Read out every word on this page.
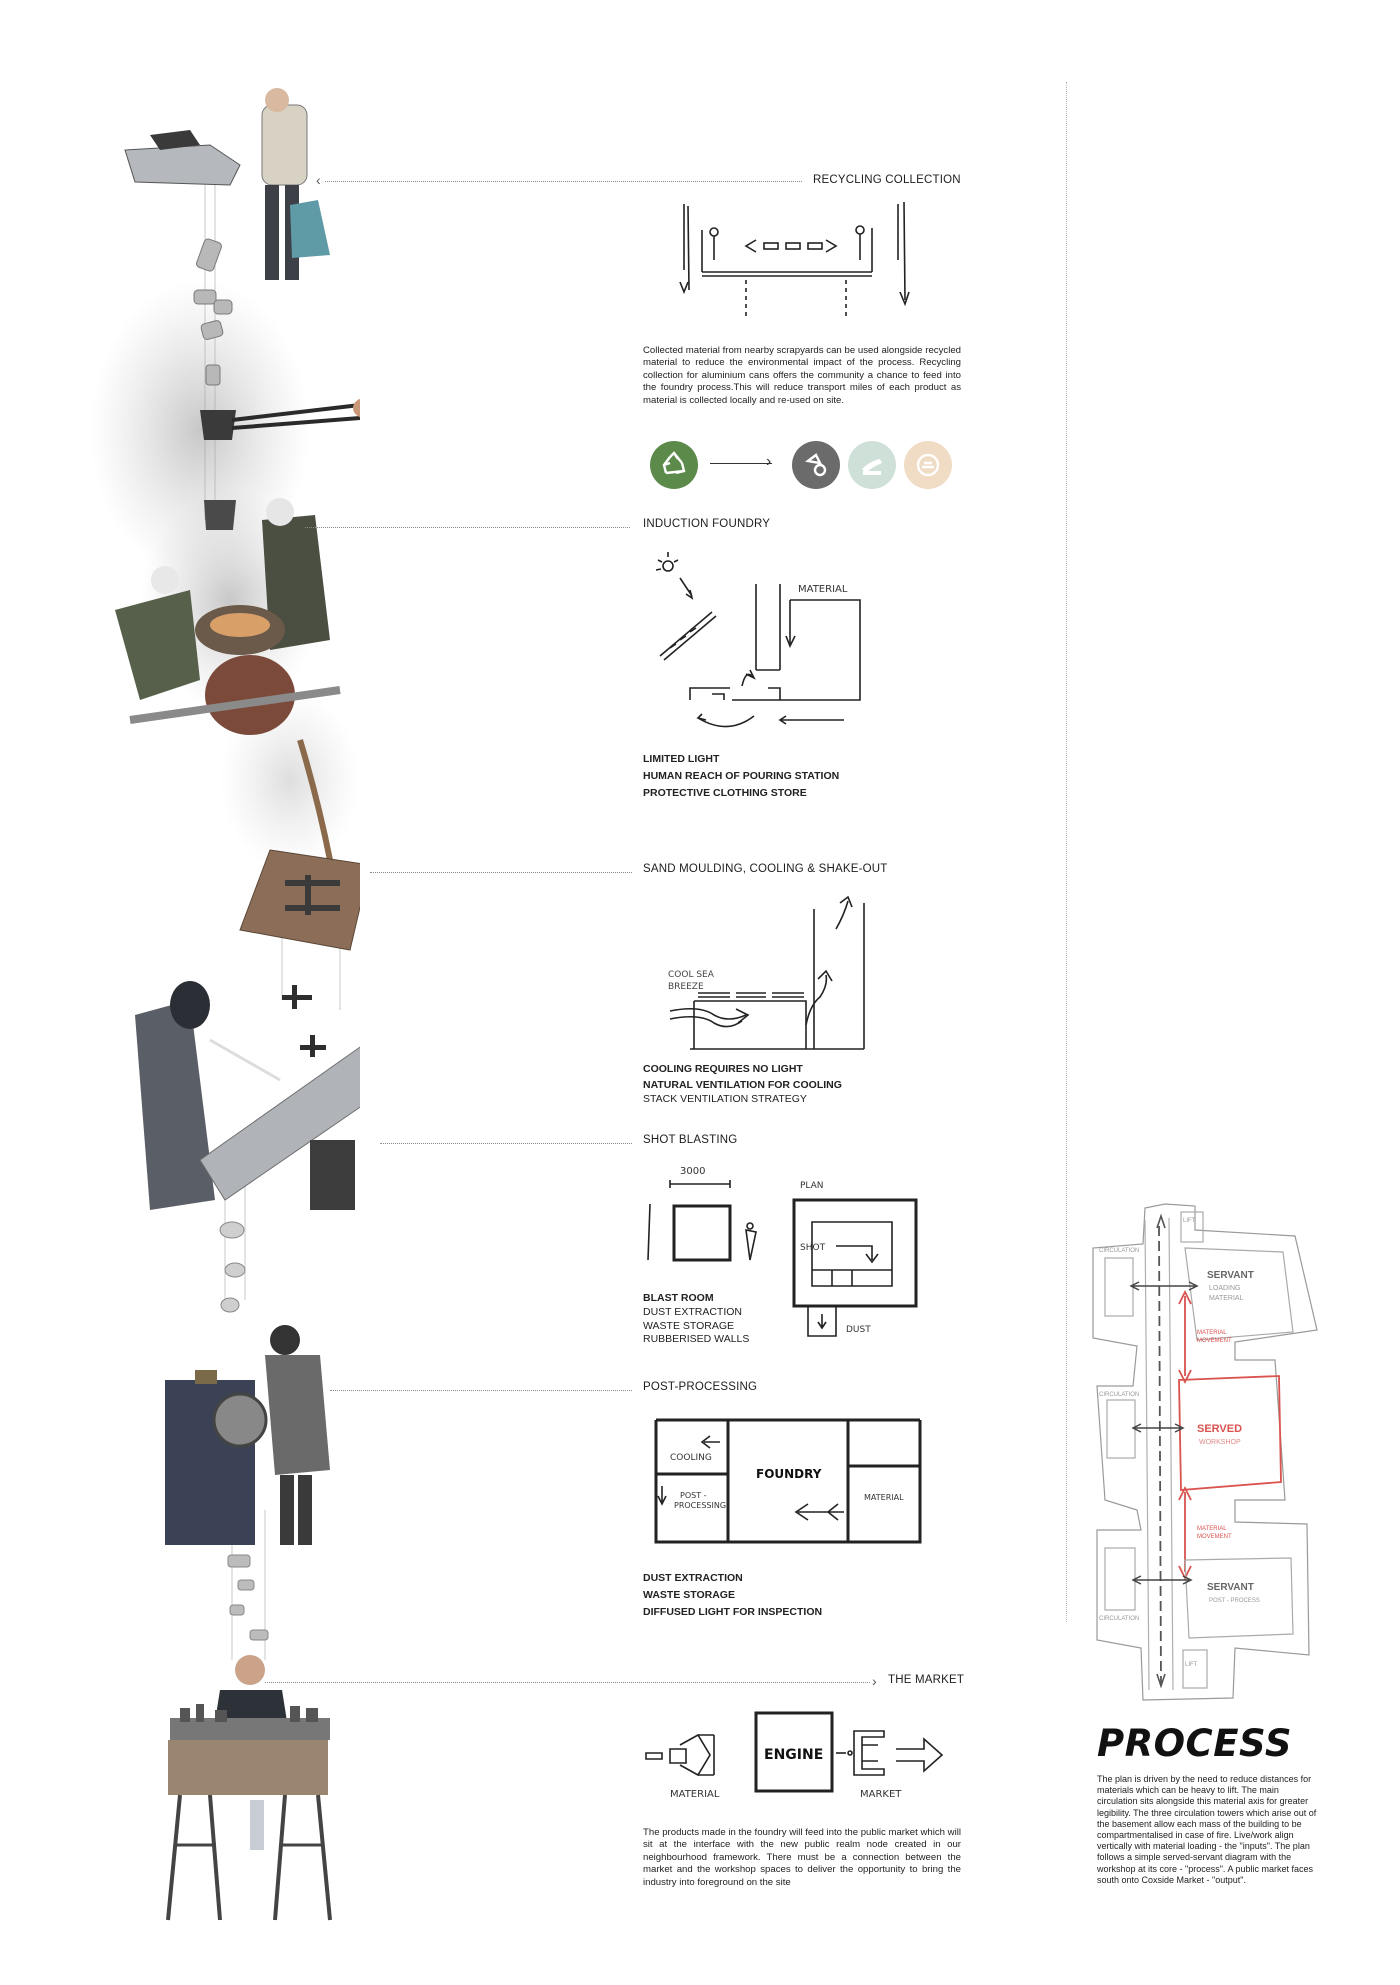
‹	RECYCLING COLLECTION
Collected material from nearby scrapyards can be used alongside recycled material to reduce the environmental impact of the process. Recycling collection for aluminium cans offers the community a chance to feed into the foundry process.This will reduce transport miles of each product as material is collected locally and re-used on site.
›
INDUCTION FOUNDRY
MATERIAL
LIMITED LIGHT
HUMAN REACH OF POURING STATION
PROTECTIVE CLOTHING STORE
SAND MOULDING, COOLING & SHAKE-OUT
COOL SEA
BREEZE
COOLING REQUIRES NO LIGHT
NATURAL VENTILATION FOR COOLING
STACK VENTILATION STRATEGY
SHOT BLASTING
3000
PLAN
SHOT
DUST
BLAST ROOM
DUST EXTRACTION
WASTE STORAGE
RUBBERISED WALLS
POST-PROCESSING
COOLING
FOUNDRY
POST -
PROCESSING
MATERIAL
DUST EXTRACTION
WASTE STORAGE
DIFFUSED LIGHT FOR INSPECTION
› THE MARKET
MATERIAL
ENGINE
MARKET
The products made in the foundry will feed into the public market which will sit at the interface with the new public realm node created in our neighbourhood framework. There must be a connection between the market and the workshop spaces to deliver the opportunity to bring the industry into foreground on the site
SERVANT
LOADING
MATERIAL
SERVED
WORKSHOP
MATERIAL
MOVEMENT
MATERIAL
MOVEMENT
SERVANT
POST - PROCESS
CIRCULATION
CIRCULATION
CIRCULATION
LIFT
LIFT
PROCESS
The plan is driven by the need to reduce distances for materials which can be heavy to lift. The main circulation sits alongside this material axis for greater legibility. The three circulation towers which arise out of the basement allow each mass of the building to be compartmentalised in case of fire. Live/work align vertically with material loading - the "inputs". The plan follows a simple served-servant diagram with the workshop at its core - "process". A public market faces south onto Coxside Market - "output".
